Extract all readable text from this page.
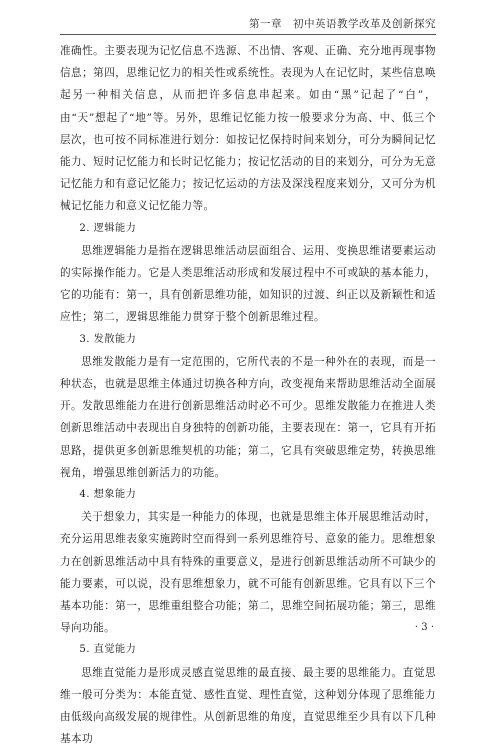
第一章　初中英语教学改革及创新探究

准确性。主要表现为记忆信息不选源、不出情、客观、正确、充分地再现事物信息；第四，思维记忆力的相关性或系统性。表现为人在记忆时，某些信息唤起另一种相关信息，从而把许多信息串起来。如由“黑”记起了“白”，由“天”想起了“地”等。另外，思维记忆能力按一般要求分为高、中、低三个层次，也可按不同标准进行划分：如按记忆保持时间来划分，可分为瞬间记忆能力、短时记忆能力和长时记忆能力；按记忆活动的目的来划分，可分为无意记忆能力和有意记忆能力；按记忆运动的方法及深浅程度来划分，又可分为机械记忆能力和意义记忆能力等。

2. 逻辑能力

思维逻辑能力是指在逻辑思维活动层面组合、运用、变换思维诸要素运动的实际操作能力。它是人类思维活动形成和发展过程中不可或缺的基本能力，它的功能有：第一，具有创新思维功能，如知识的过渡、纠正以及新颖性和适应性；第二，逻辑思维能力贯穿于整个创新思维过程。

3. 发散能力

思维发散能力是有一定范围的，它所代表的不是一种外在的表现，而是一种状态，也就是思维主体通过切换各种方向，改变视角来帮助思维活动全面展开。发散思维能力在进行创新思维活动时必不可少。思维发散能力在推进人类创新思维活动中表现出自身独特的创新功能，主要表现在：第一，它具有开拓思路，提供更多创新思维契机的功能；第二，它具有突破思维定势，转换思维视角，增强思维创新活力的功能。

4. 想象能力

关于想象力，其实是一种能力的体现，也就是思维主体开展思维活动时，充分运用思维表象实施跨时空而得到一系列思维符号、意象的能力。思维想象力在创新思维活动中具有特殊的重要意义，是进行创新思维活动所不可缺少的能力要素，可以说，没有思维想象力，就不可能有创新思维。它具有以下三个基本功能：第一，思维重组整合功能；第二，思维空间拓展功能；第三，思维导向功能。

5. 直觉能力

思维直觉能力是形成灵感直觉思维的最直接、最主要的思维能力。直觉思维一般可分类为：本能直觉、感性直觉、理性直觉，这种划分体现了思维能力由低级向高级发展的规律性。从创新思维的角度，直觉思维至少具有以下几种基本功

· 3 ·
